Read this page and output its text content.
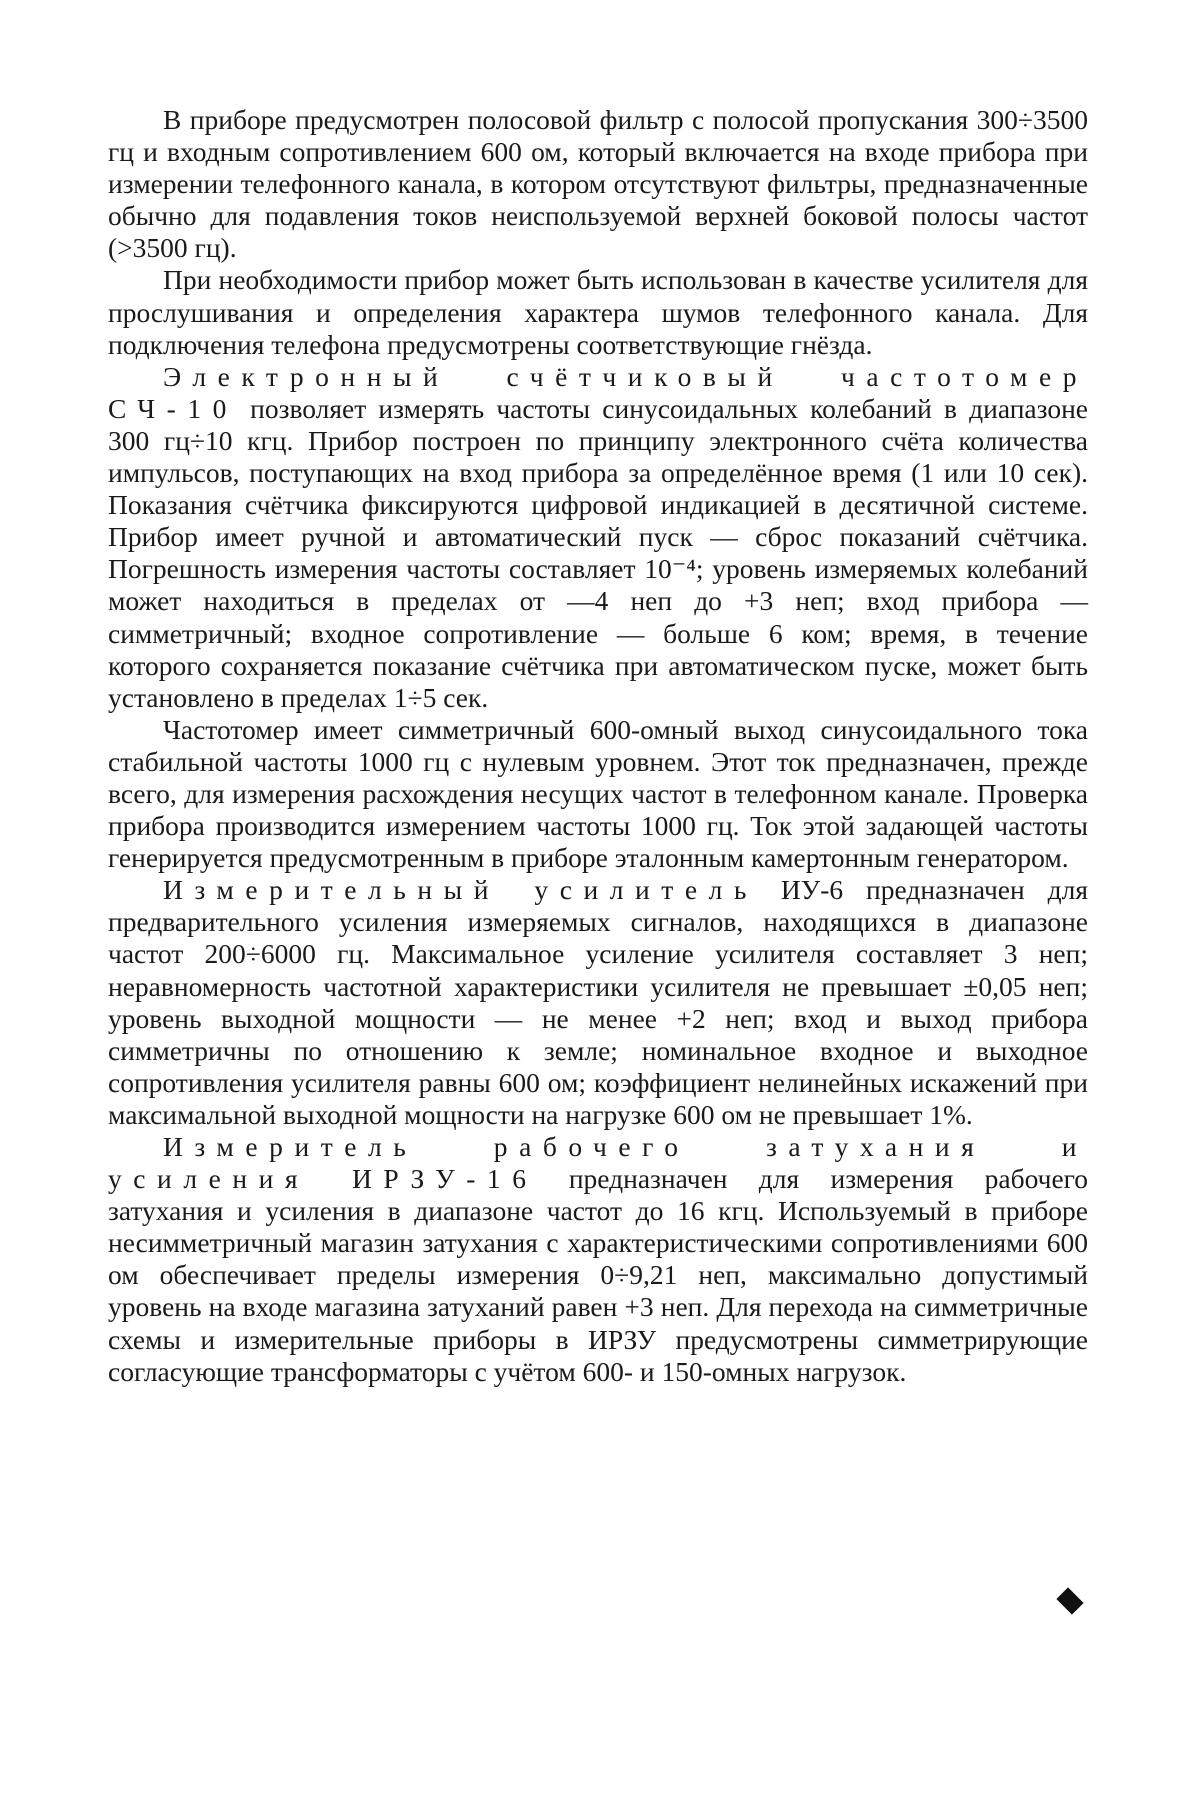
В приборе предусмотрен полосовой фильтр с полосой пропускания 300÷3500 гц и входным сопротивлением 600 ом, который включается на входе прибора при измерении телефонного канала, в котором отсутствуют фильтры, предназначенные обычно для подавления токов неиспользуемой верхней боковой полосы частот (>3500 гц).

При необходимости прибор может быть использован в качестве усилителя для прослушивания и определения характера шумов телефонного канала. Для подключения телефона предусмотрены соответствующие гнёзда.

Электронный счётчиковый частотомер СЧ-10 позволяет измерять частоты синусоидальных колебаний в диапазоне 300 гц÷10 кгц. Прибор построен по принципу электронного счёта количества импульсов, поступающих на вход прибора за определённое время (1 или 10 сек). Показания счётчика фиксируются цифровой индикацией в десятичной системе. Прибор имеет ручной и автоматический пуск — сброс показаний счётчика. Погрешность измерения частоты составляет 10⁻⁴; уровень измеряемых колебаний может находиться в пределах от —4 неп до +3 неп; вход прибора — симметричный; входное сопротивление — больше 6 ком; время, в течение которого сохраняется показание счётчика при автоматическом пуске, может быть установлено в пределах 1÷5 сек.

Частотомер имеет симметричный 600-омный выход синусоидального тока стабильной частоты 1000 гц с нулевым уровнем. Этот ток предназначен, прежде всего, для измерения расхождения несущих частот в телефонном канале. Проверка прибора производится измерением частоты 1000 гц. Ток этой задающей частоты генерируется предусмотренным в приборе эталонным камертонным генератором.

Измерительный усилитель ИУ-6 предназначен для предварительного усиления измеряемых сигналов, находящихся в диапазоне частот 200÷6000 гц. Максимальное усиление усилителя составляет 3 неп; неравномерность частотной характеристики усилителя не превышает ±0,05 неп; уровень выходной мощности — не менее +2 неп; вход и выход прибора симметричны по отношению к земле; номинальное входное и выходное сопротивления усилителя равны 600 ом; коэффициент нелинейных искажений при максимальной выходной мощности на нагрузке 600 ом не превышает 1%.

Измеритель рабочего затухания и усиления ИРЗУ-16 предназначен для измерения рабочего затухания и усиления в диапазоне частот до 16 кгц. Используемый в приборе несимметричный магазин затухания с характеристическими сопротивлениями 600 ом обеспечивает пределы измерения 0÷9,21 неп, максимально допустимый уровень на входе магазина затуханий равен +3 неп. Для перехода на симметричные схемы и измерительные приборы в ИРЗУ предусмотрены симметрирующие согласующие трансформаторы с учётом 600- и 150-омных нагрузок.
